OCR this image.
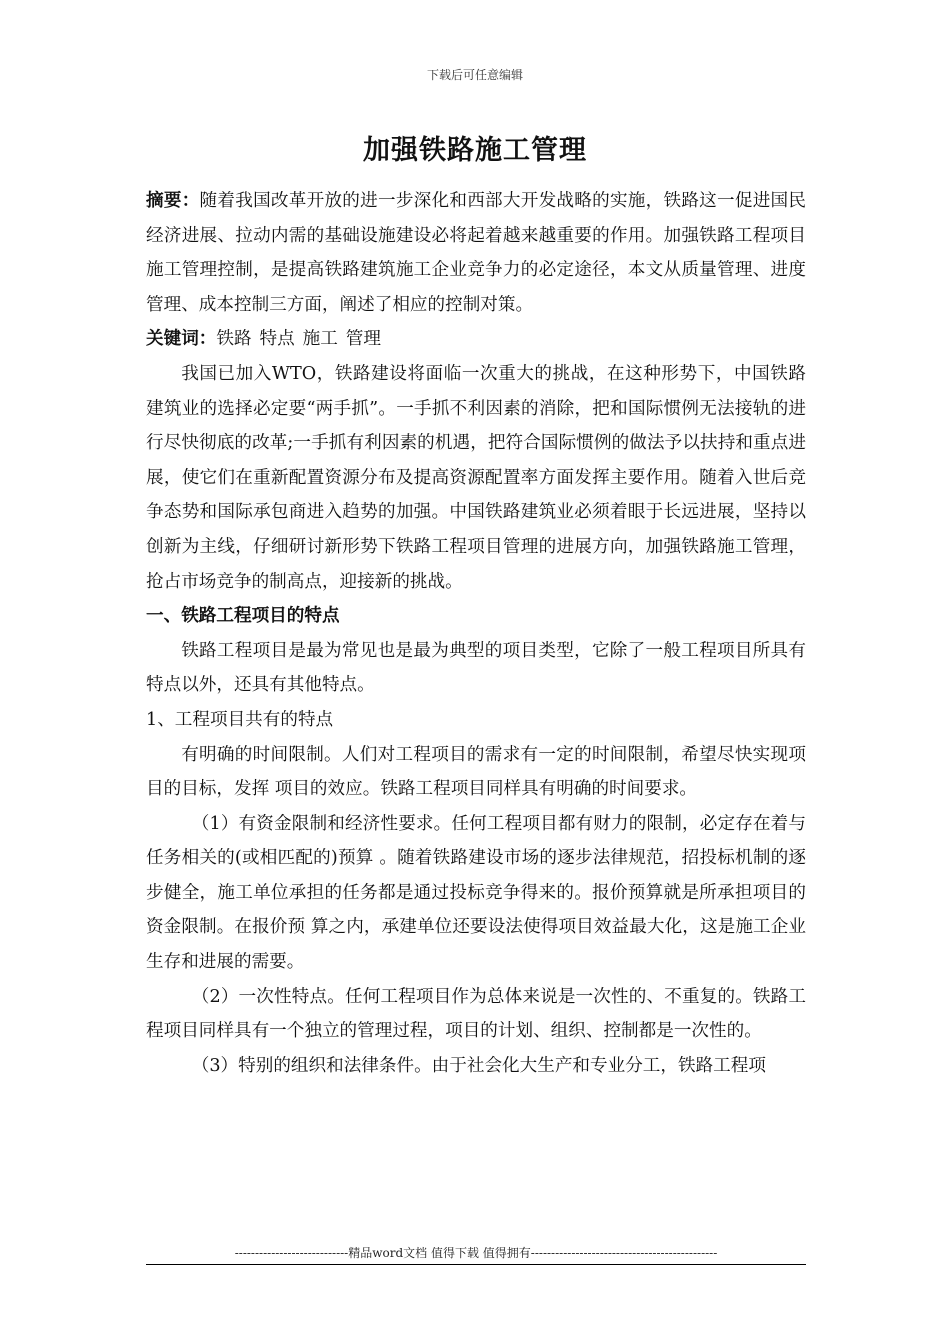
下载后可任意编辑
加强铁路施工管理

摘要：随着我国改革开放的进一步深化和西部大开发战略的实施，铁路这一促进国民经济进展、拉动内需的基础设施建设必将起着越来越重要的作用。加强铁路工程项目施工管理控制，是提高铁路建筑施工企业竞争力的必定途径，本文从质量管理、进度管理、成本控制三方面，阐述了相应的控制对策。

关键词：铁路 特点 施工 管理

我国已加入WTO，铁路建设将面临一次重大的挑战，在这种形势下，中国铁路建筑业的选择必定要“两手抓”。一手抓不利因素的消除，把和国际惯例无法接轨的进行尽快彻底的改革;一手抓有利因素的机遇，把符合国际惯例的做法予以扶持和重点进展，使它们在重新配置资源分布及提高资源配置率方面发挥主要作用。随着入世后竞争态势和国际承包商进入趋势的加强。中国铁路建筑业必须着眼于长远进展，坚持以创新为主线，仔细研讨新形势下铁路工程项目管理的进展方向，加强铁路施工管理，抢占市场竞争的制高点，迎接新的挑战。

一、铁路工程项目的特点

铁路工程项目是最为常见也是最为典型的项目类型，它除了一般工程项目所具有特点以外，还具有其他特点。

1、工程项目共有的特点

有明确的时间限制。人们对工程项目的需求有一定的时间限制，希望尽快实现项目的目标，发挥 项目的效应。铁路工程项目同样具有明确的时间要求。

（1）有资金限制和经济性要求。任何工程项目都有财力的限制，必定存在着与任务相关的(或相匹配的)预算 。随着铁路建设市场的逐步法律规范，招投标机制的逐步健全，施工单位承担的任务都是通过投标竞争得来的。报价预算就是所承担项目的资金限制。在报价预 算之内，承建单位还要设法使得项目效益最大化，这是施工企业生存和进展的需要。

（2）一次性特点。任何工程项目作为总体来说是一次性的、不重复的。铁路工程项目同样具有一个独立的管理过程，项目的计划、组织、控制都是一次性的。

（3）特别的组织和法律条件。由于社会化大生产和专业分工，铁路工程项

----------------------------精品word文档 值得下载 值得拥有----------------------------------------------
